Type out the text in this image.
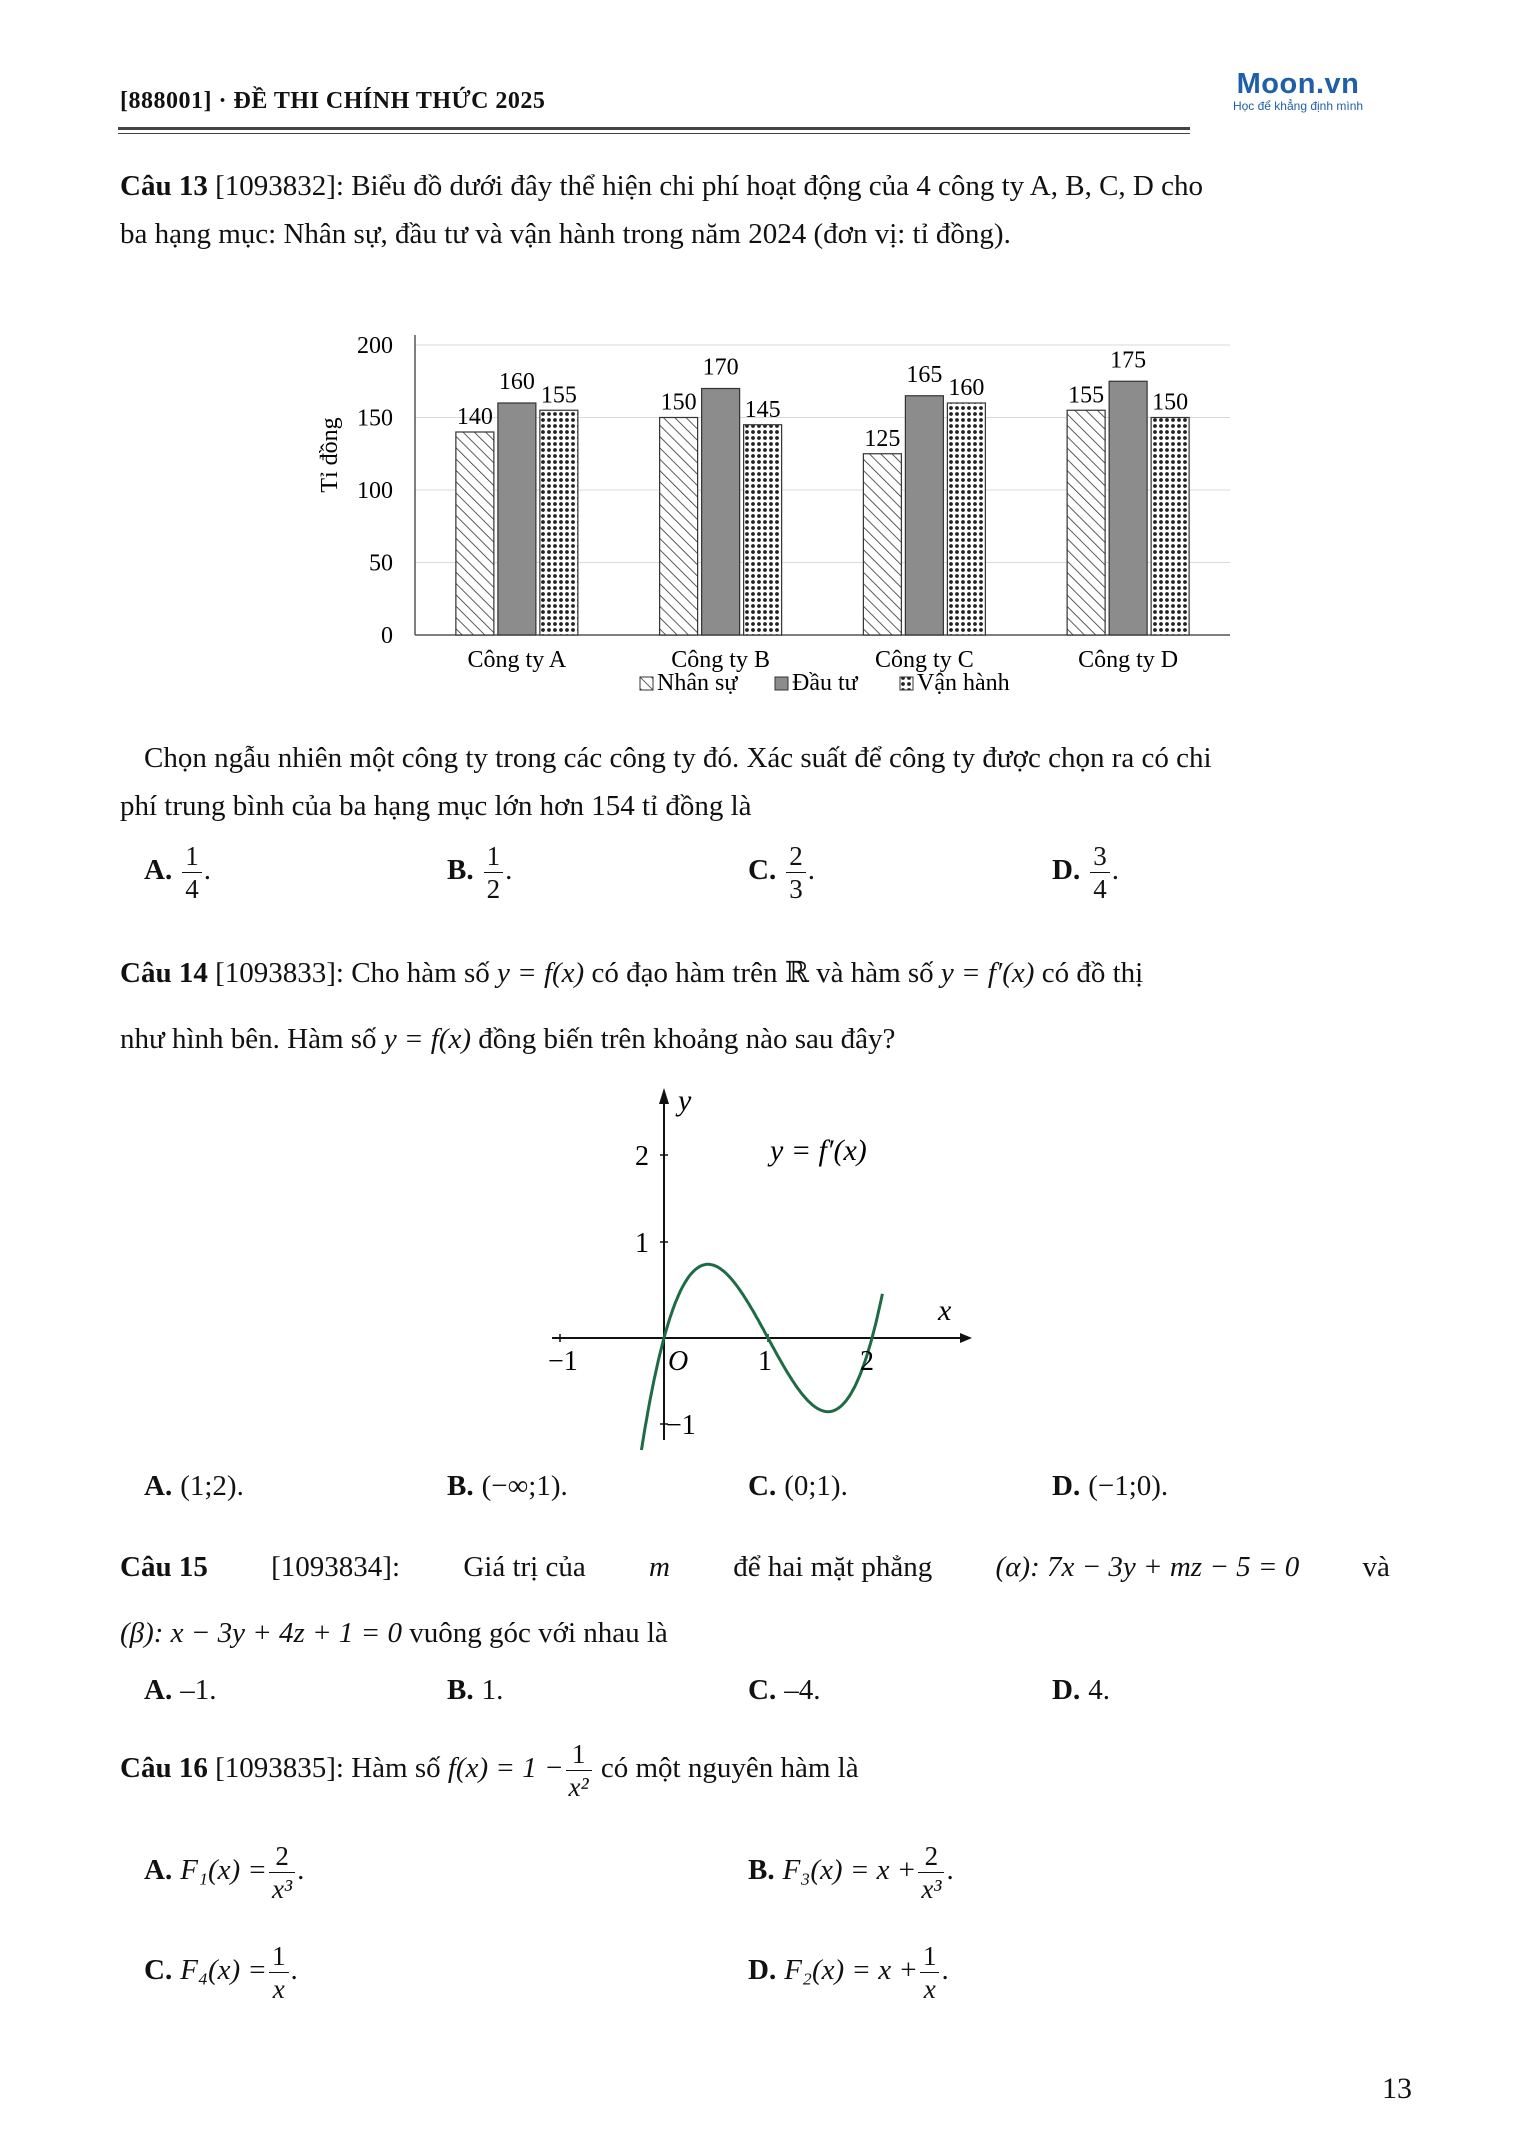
[888001] · ĐỀ THI CHÍNH THỨC 2025
Moon.vn
Học để khẳng định mình
Câu 13 [1093832]: Biểu đồ dưới đây thể hiện chi phí hoạt động của 4 công ty A, B, C, D cho
ba hạng mục: Nhân sự, đầu tư và vận hành trong năm 2024 (đơn vị: tỉ đồng).
0
50
100
150
200
140
160
155	150
170
145
125
165
160	155
175
150
Công ty A	Công ty B	Công ty C	Công ty D
Tỉ đồng
Nhân sự Đầu tư Vận hành
Chọn ngẫu nhiên một công ty trong các công ty đó. Xác suất để công ty được chọn ra có chi
phí trung bình của ba hạng mục lớn hơn 154 tỉ đồng là
A. $\frac{1}{4}$ .	B. $\frac{1}{2}$ .	C. $\frac{2}{3}$ .	D. $\frac{3}{4}$ .
Câu 14 [1093833]: Cho hàm số y = f(x) có đạo hàm trên ℝ và hàm số y = f′(x) có đồ thị
như hình bên. Hàm số y = f(x) đồng biến trên khoảng nào sau đây?
y
x
O
−1	1	2
2
1
−1
y = f′(x)
A. (1;2).	B. (−∞;1).	C. (0;1).	D. (−1;0).
Câu 15 [1093834]: Giá trị của m để hai mặt phẳng (α): 7x − 3y + mz − 5 = 0 và
(β): x − 3y + 4z + 1 = 0 vuông góc với nhau là
A. –1.	B. 1.	C. –4.	D. 4.
Câu 16 [1093835]: Hàm số $f(x) = 1 - \frac{1}{\text{x²}}$ có một nguyên hàm là
A. $F_1(x) = \frac{2}{\text{x³}}$ .	B. $F_3(x) = x + \frac{2}{\text{x³}}$ .
C. $F_4(x) = \frac{1}{x}$ .	D. $F_2(x) = x + \frac{1}{x}$ .
13
